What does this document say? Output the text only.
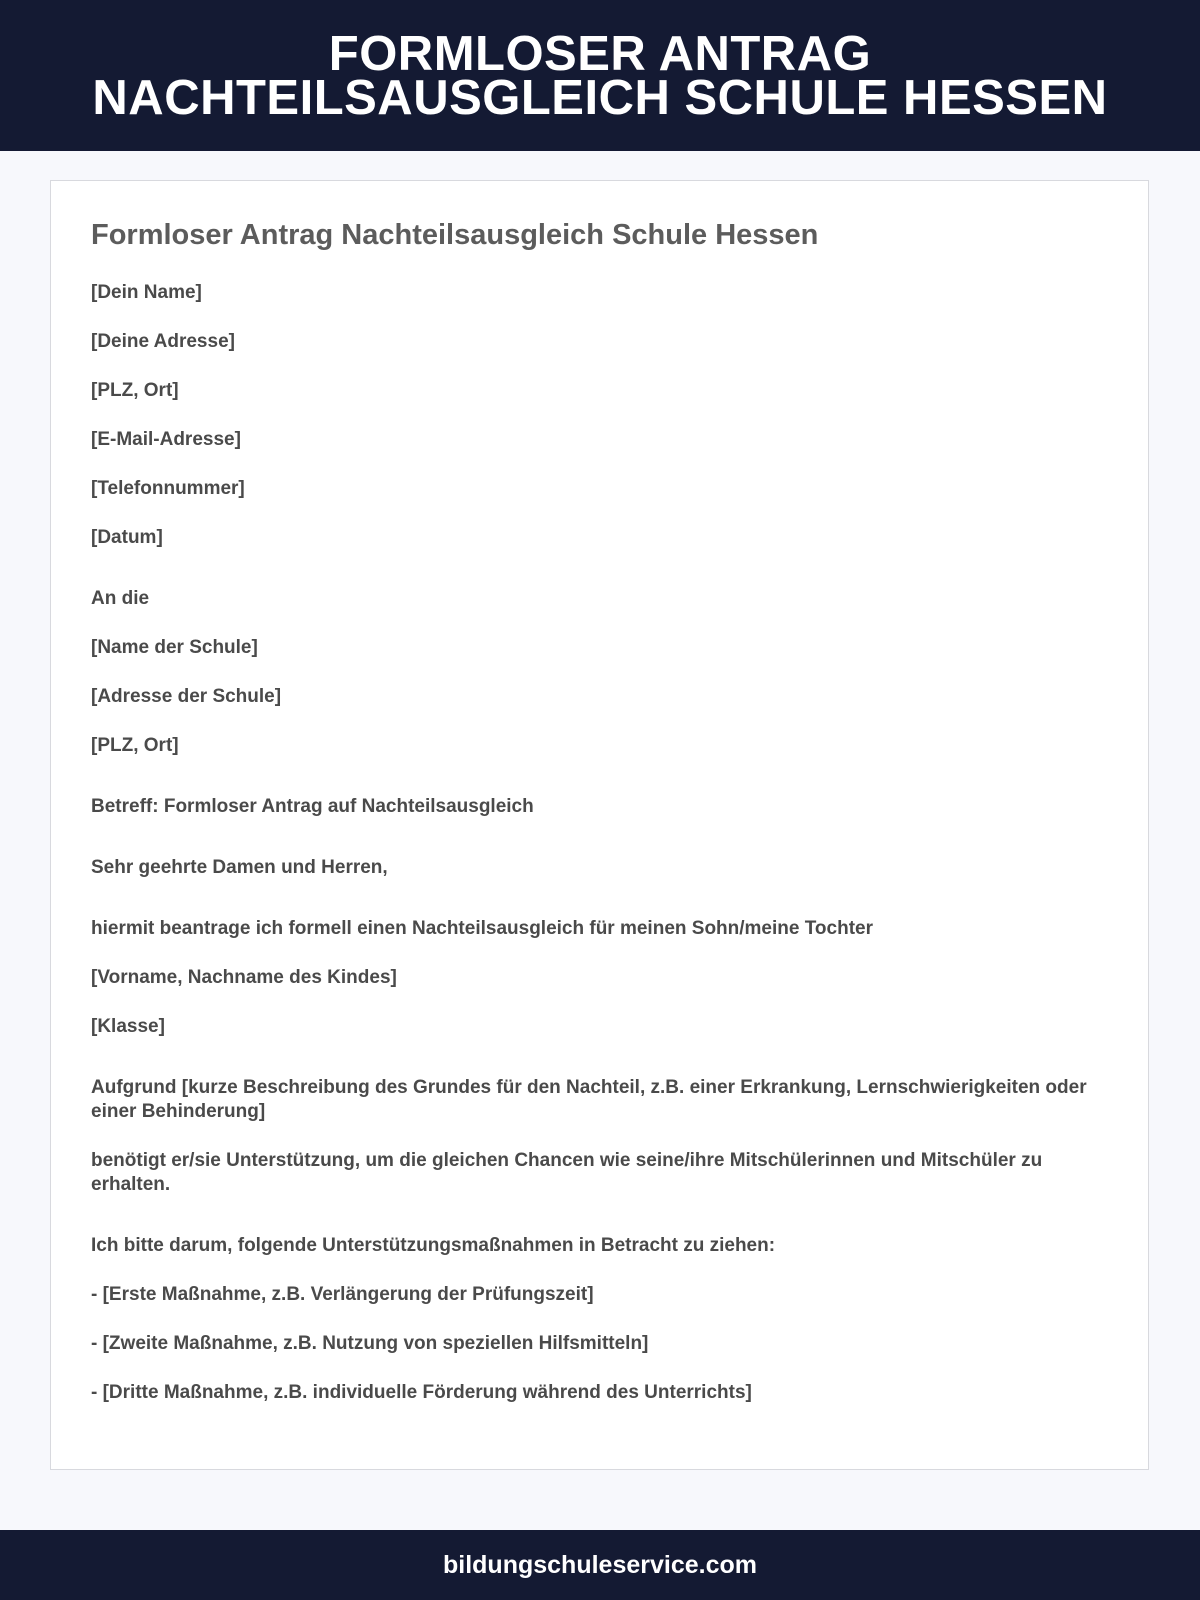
FORMLOSER ANTRAG
NACHTEILSAUSGLEICH SCHULE HESSEN
Formloser Antrag Nachteilsausgleich Schule Hessen

[Dein Name]

[Deine Adresse]

[PLZ, Ort]

[E-Mail-Adresse]

[Telefonnummer]

[Datum]

An die

[Name der Schule]

[Adresse der Schule]

[PLZ, Ort]

Betreff: Formloser Antrag auf Nachteilsausgleich

Sehr geehrte Damen und Herren,

hiermit beantrage ich formell einen Nachteilsausgleich für meinen Sohn/meine Tochter

[Vorname, Nachname des Kindes]

[Klasse]

Aufgrund [kurze Beschreibung des Grundes für den Nachteil, z.B. einer Erkrankung, Lernschwierigkeiten oder einer Behinderung]

benötigt er/sie Unterstützung, um die gleichen Chancen wie seine/ihre Mitschülerinnen und Mitschüler zu erhalten.

Ich bitte darum, folgende Unterstützungsmaßnahmen in Betracht zu ziehen:

- [Erste Maßnahme, z.B. Verlängerung der Prüfungszeit]

- [Zweite Maßnahme, z.B. Nutzung von speziellen Hilfsmitteln]

- [Dritte Maßnahme, z.B. individuelle Förderung während des Unterrichts]

bildungschuleservice.com
